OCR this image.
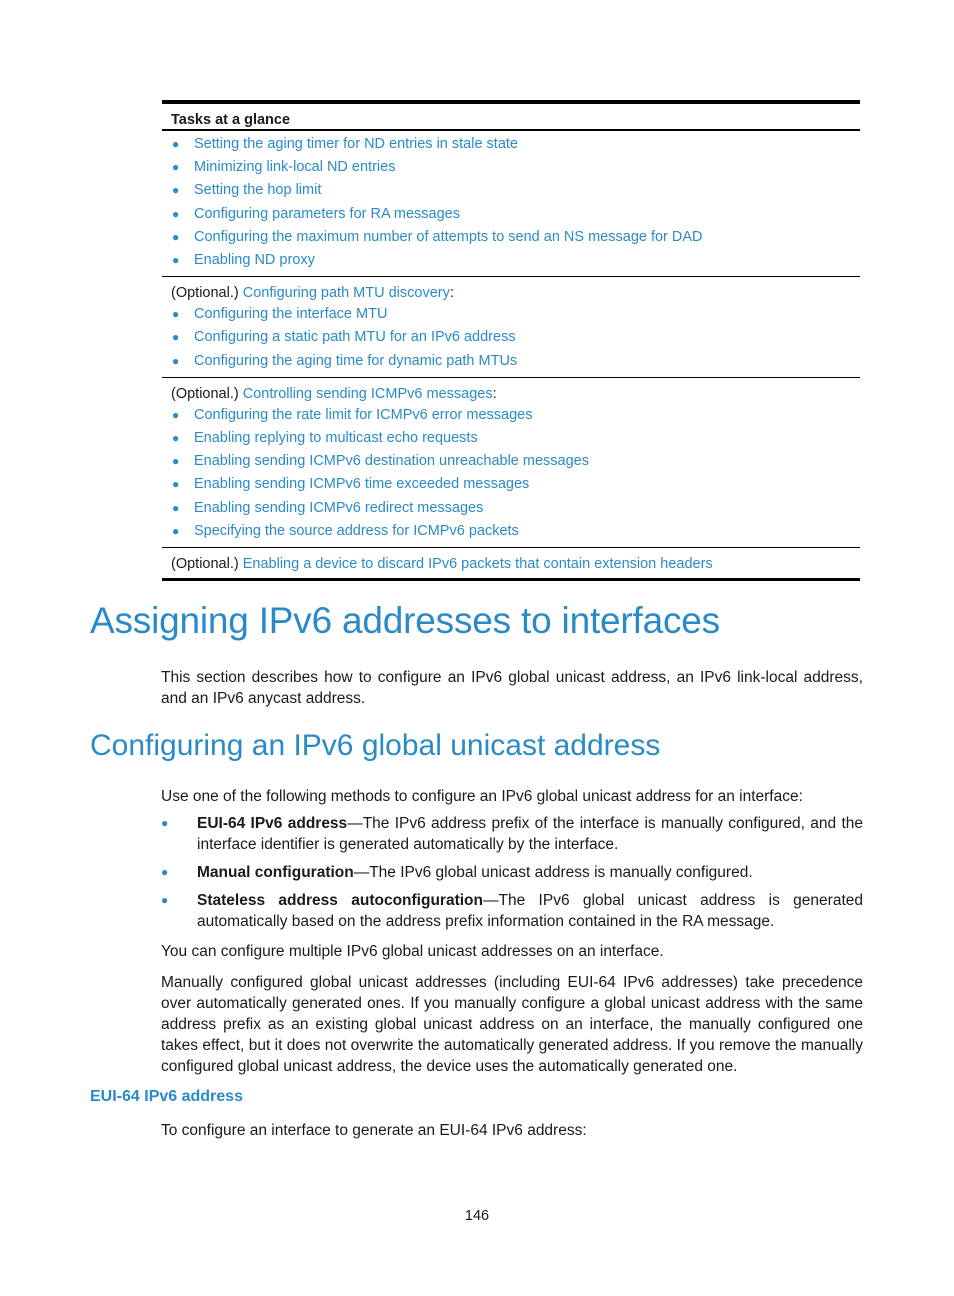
Tasks at a glance
● Setting the aging timer for ND entries in stale state
● Minimizing link-local ND entries
● Setting the hop limit
● Configuring parameters for RA messages
● Configuring the maximum number of attempts to send an NS message for DAD
● Enabling ND proxy
(Optional.) Configuring path MTU discovery:
● Configuring the interface MTU
● Configuring a static path MTU for an IPv6 address
● Configuring the aging time for dynamic path MTUs
(Optional.) Controlling sending ICMPv6 messages:
● Configuring the rate limit for ICMPv6 error messages
● Enabling replying to multicast echo requests
● Enabling sending ICMPv6 destination unreachable messages
● Enabling sending ICMPv6 time exceeded messages
● Enabling sending ICMPv6 redirect messages
● Specifying the source address for ICMPv6 packets
(Optional.) Enabling a device to discard IPv6 packets that contain extension headers
Assigning IPv6 addresses to interfaces

This section describes how to configure an IPv6 global unicast address, an IPv6 link-local address, and an IPv6 anycast address.

Configuring an IPv6 global unicast address

Use one of the following methods to configure an IPv6 global unicast address for an interface:

● EUI-64 IPv6 address—The IPv6 address prefix of the interface is manually configured, and the interface identifier is generated automatically by the interface.
● Manual configuration—The IPv6 global unicast address is manually configured.
● Stateless address autoconfiguration—The IPv6 global unicast address is generated automatically based on the address prefix information contained in the RA message.

You can configure multiple IPv6 global unicast addresses on an interface.

Manually configured global unicast addresses (including EUI-64 IPv6 addresses) take precedence over automatically generated ones. If you manually configure a global unicast address with the same address prefix as an existing global unicast address on an interface, the manually configured one takes effect, but it does not overwrite the automatically generated address. If you remove the manually configured global unicast address, the device uses the automatically generated one.

EUI-64 IPv6 address

To configure an interface to generate an EUI-64 IPv6 address:

146
